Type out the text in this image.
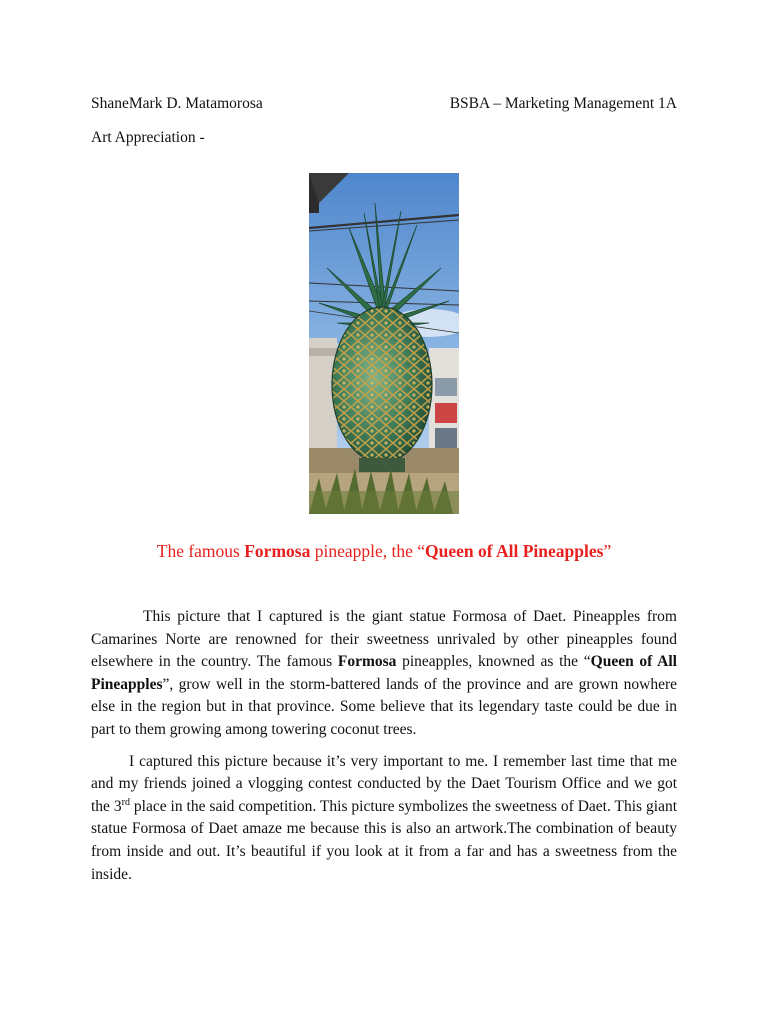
ShaneMark D. Matamorosa	BSBA – Marketing Management 1A
Art Appreciation -
The famous Formosa pineapple, the “Queen of All Pineapples”

This picture that I captured is the giant statue Formosa of Daet. Pineapples from Camarines Norte are renowned for their sweetness unrivaled by other pineapples found elsewhere in the country. The famous Formosa pineapples, knowned as the “Queen of All Pineapples”, grow well in the storm-battered lands of the province and are grown nowhere else in the region but in that province. Some believe that its legendary taste could be due in part to them growing among towering coconut trees.

I captured this picture because it’s very important to me. I remember last time that me and my friends joined a vlogging contest conducted by the Daet Tourism Office and we got the 3rd place in the said competition. This picture symbolizes the sweetness of Daet. This giant statue Formosa of Daet amaze me because this is also an artwork.The combination of beauty from inside and out. It’s beautiful if you look at it from a far and has a sweetness from the inside.
